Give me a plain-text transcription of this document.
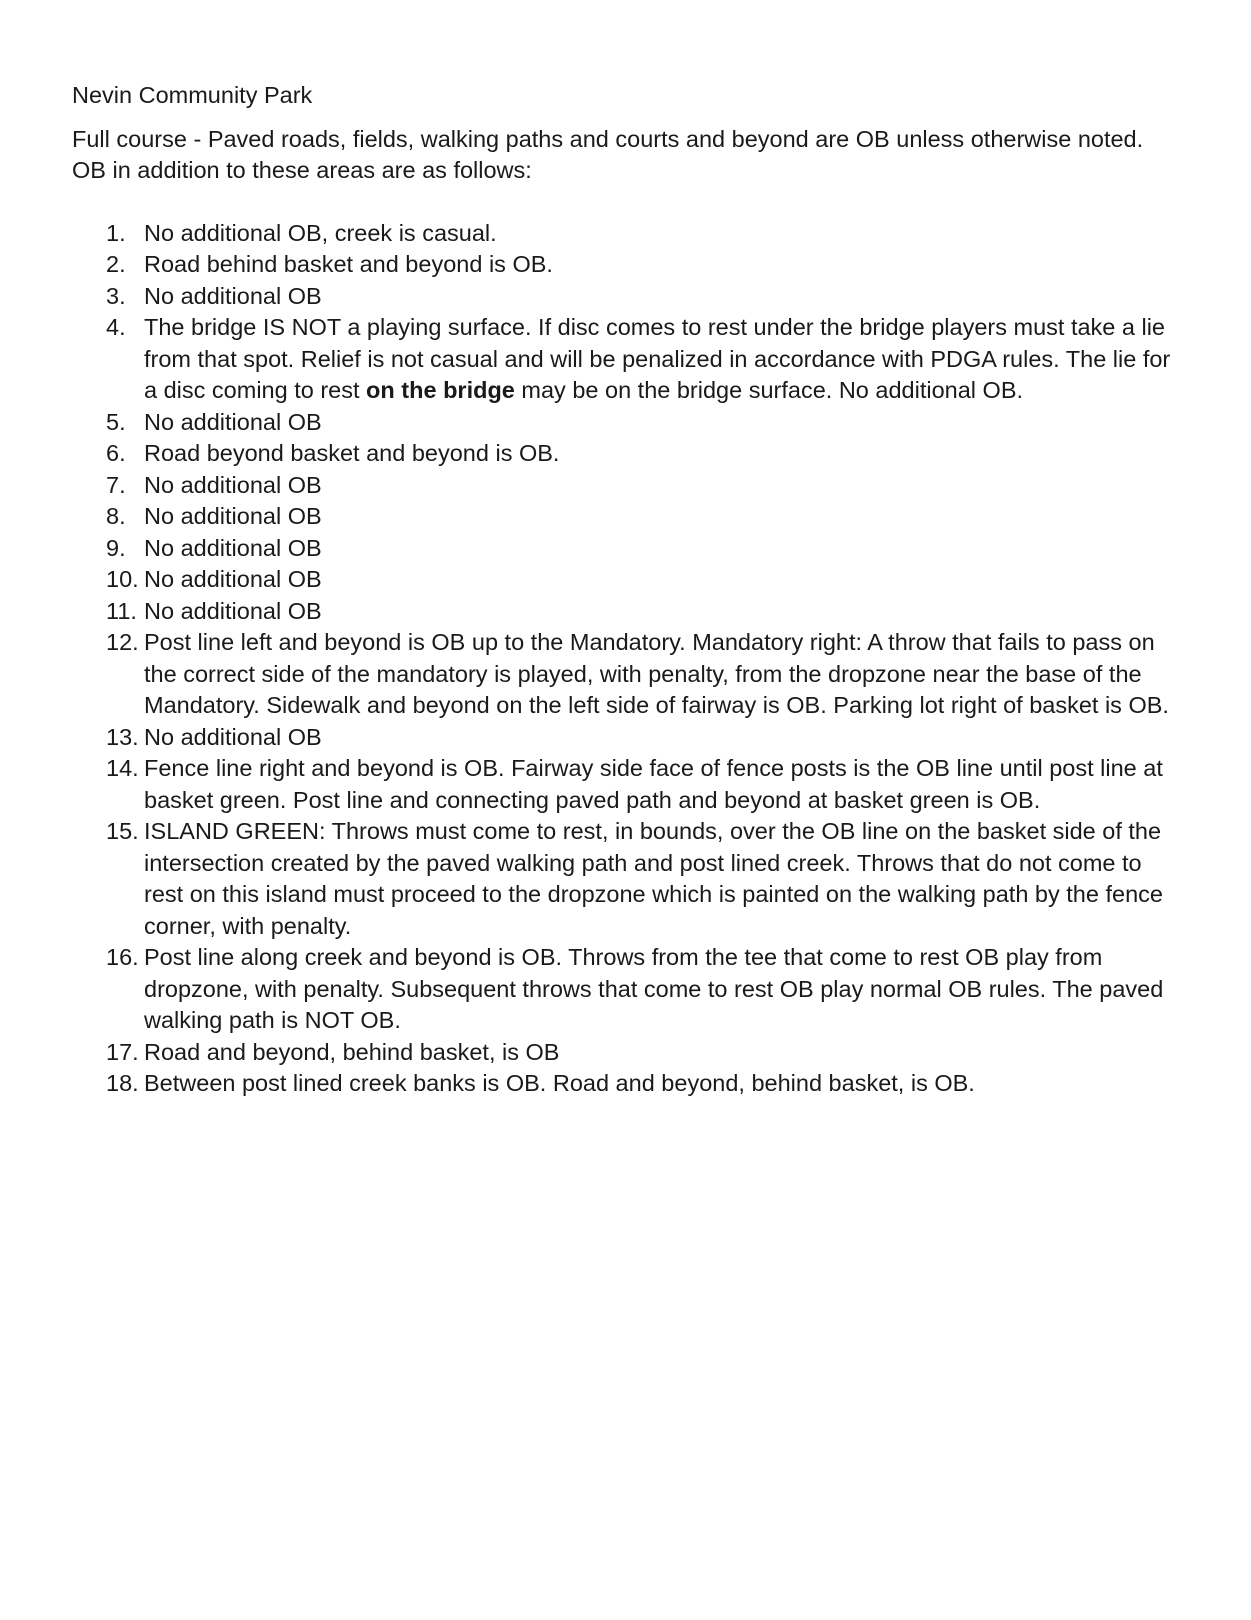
Nevin Community Park
Full course - Paved roads, fields, walking paths and courts and beyond are OB unless otherwise noted. OB in addition to these areas are as follows:
1. No additional OB, creek is casual.
2. Road behind basket and beyond is OB.
3. No additional OB
4. The bridge IS NOT a playing surface. If disc comes to rest under the bridge players must take a lie from that spot. Relief is not casual and will be penalized in accordance with PDGA rules. The lie for a disc coming to rest on the bridge may be on the bridge surface. No additional OB.
5. No additional OB
6. Road beyond basket and beyond is OB.
7. No additional OB
8. No additional OB
9. No additional OB
10. No additional OB
11. No additional OB
12. Post line left and beyond is OB up to the Mandatory. Mandatory right: A throw that fails to pass on the correct side of the mandatory is played, with penalty, from the dropzone near the base of the Mandatory. Sidewalk and beyond on the left side of fairway is OB. Parking lot right of basket is OB.
13. No additional OB
14. Fence line right and beyond is OB. Fairway side face of fence posts is the OB line until post line at basket green. Post line and connecting paved path and beyond at basket green is OB.
15. ISLAND GREEN: Throws must come to rest, in bounds, over the OB line on the basket side of the intersection created by the paved walking path and post lined creek. Throws that do not come to rest on this island must proceed to the dropzone which is painted on the walking path by the fence corner, with penalty.
16. Post line along creek and beyond is OB. Throws from the tee that come to rest OB play from dropzone, with penalty. Subsequent throws that come to rest OB play normal OB rules. The paved walking path is NOT OB.
17. Road and beyond, behind basket, is OB
18. Between post lined creek banks is OB. Road and beyond, behind basket, is OB.
